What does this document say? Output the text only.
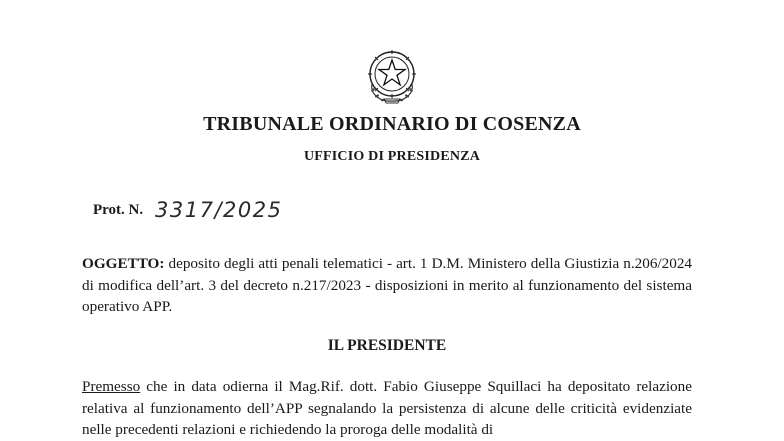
TRIBUNALE ORDINARIO DI COSENZA
UFFICIO DI PRESIDENZA
Prot. N. 3317/2025
OGGETTO: deposito degli atti penali telematici - art. 1 D.M. Ministero della Giustizia n.206/2024 di modifica dell’art. 3 del decreto n.217/2023 - disposizioni in merito al funzionamento del sistema operativo APP.
IL PRESIDENTE
Premesso che in data odierna il Mag.Rif. dott. Fabio Giuseppe Squillaci ha depositato relazione relativa al funzionamento dell’APP segnalando la persistenza di alcune delle criticità evidenziate nelle precedenti relazioni e richiedendo la proroga delle modalità di
